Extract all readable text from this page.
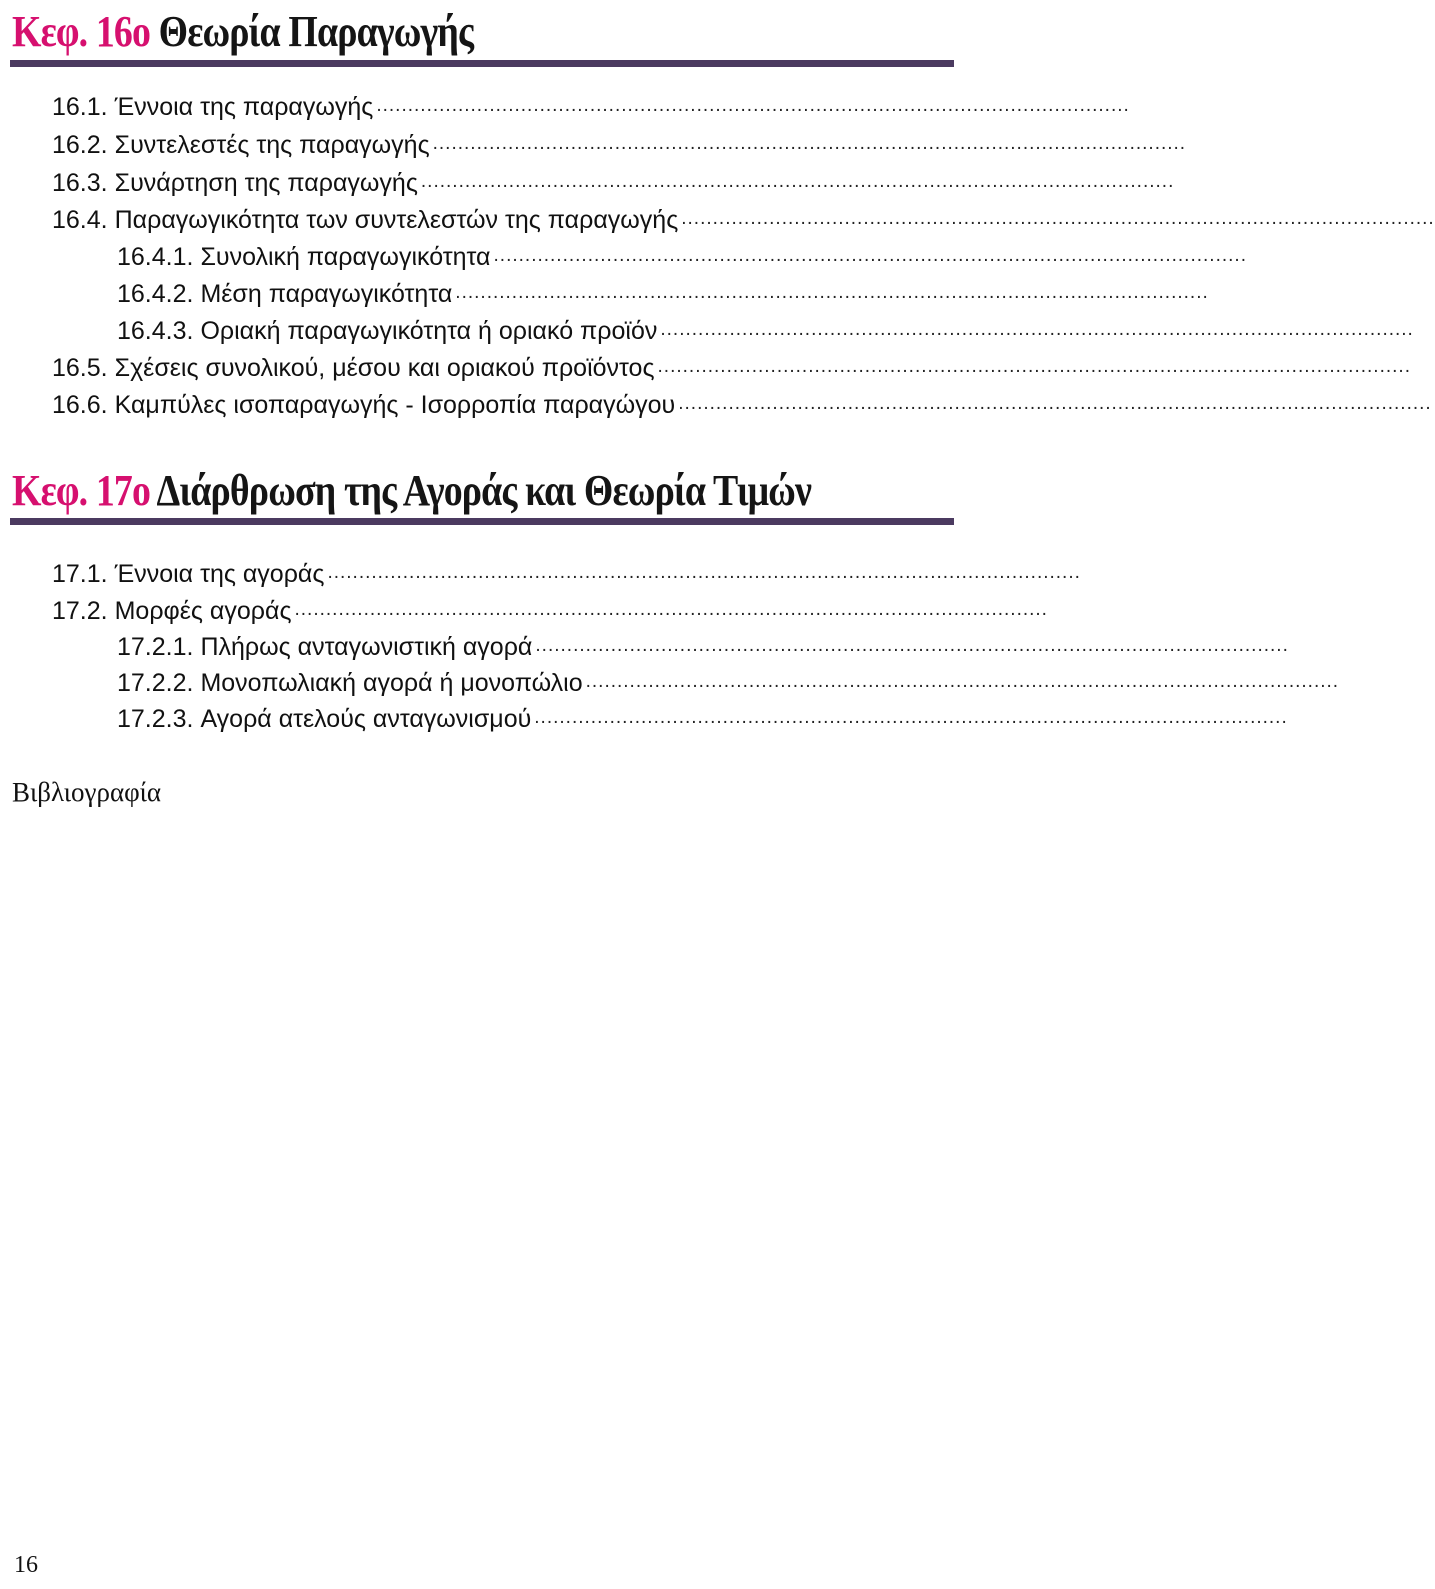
Κεφ. 16ο Θεωρία Παραγωγής
16.1. Έννοια της παραγωγής ........................................................................................................................
16.2. Συντελεστές της παραγωγής ........................................................................................................................
16.3. Συνάρτηση της παραγωγής ........................................................................................................................
16.4. Παραγωγικότητα των συντελεστών της παραγωγής ........................................................................................................................
16.4.1. Συνολική παραγωγικότητα ........................................................................................................................
16.4.2. Μέση παραγωγικότητα ........................................................................................................................
16.4.3. Οριακή παραγωγικότητα ή οριακό προϊόν ........................................................................................................................
16.5. Σχέσεις συνολικού, μέσου και οριακού προϊόντος ........................................................................................................................
16.6. Καμπύλες ισοπαραγωγής - Ισορροπία παραγώγου ........................................................................................................................
Κεφ. 17ο Διάρθρωση της Αγοράς και Θεωρία Τιμών
17.1. Έννοια της αγοράς ........................................................................................................................
17.2. Μορφές αγοράς ........................................................................................................................
17.2.1. Πλήρως ανταγωνιστική αγορά ........................................................................................................................
17.2.2. Μονοπωλιακή αγορά ή μονοπώλιο ........................................................................................................................
17.2.3. Αγορά ατελούς ανταγωνισμού ........................................................................................................................
Βιβλιογραφία
16
